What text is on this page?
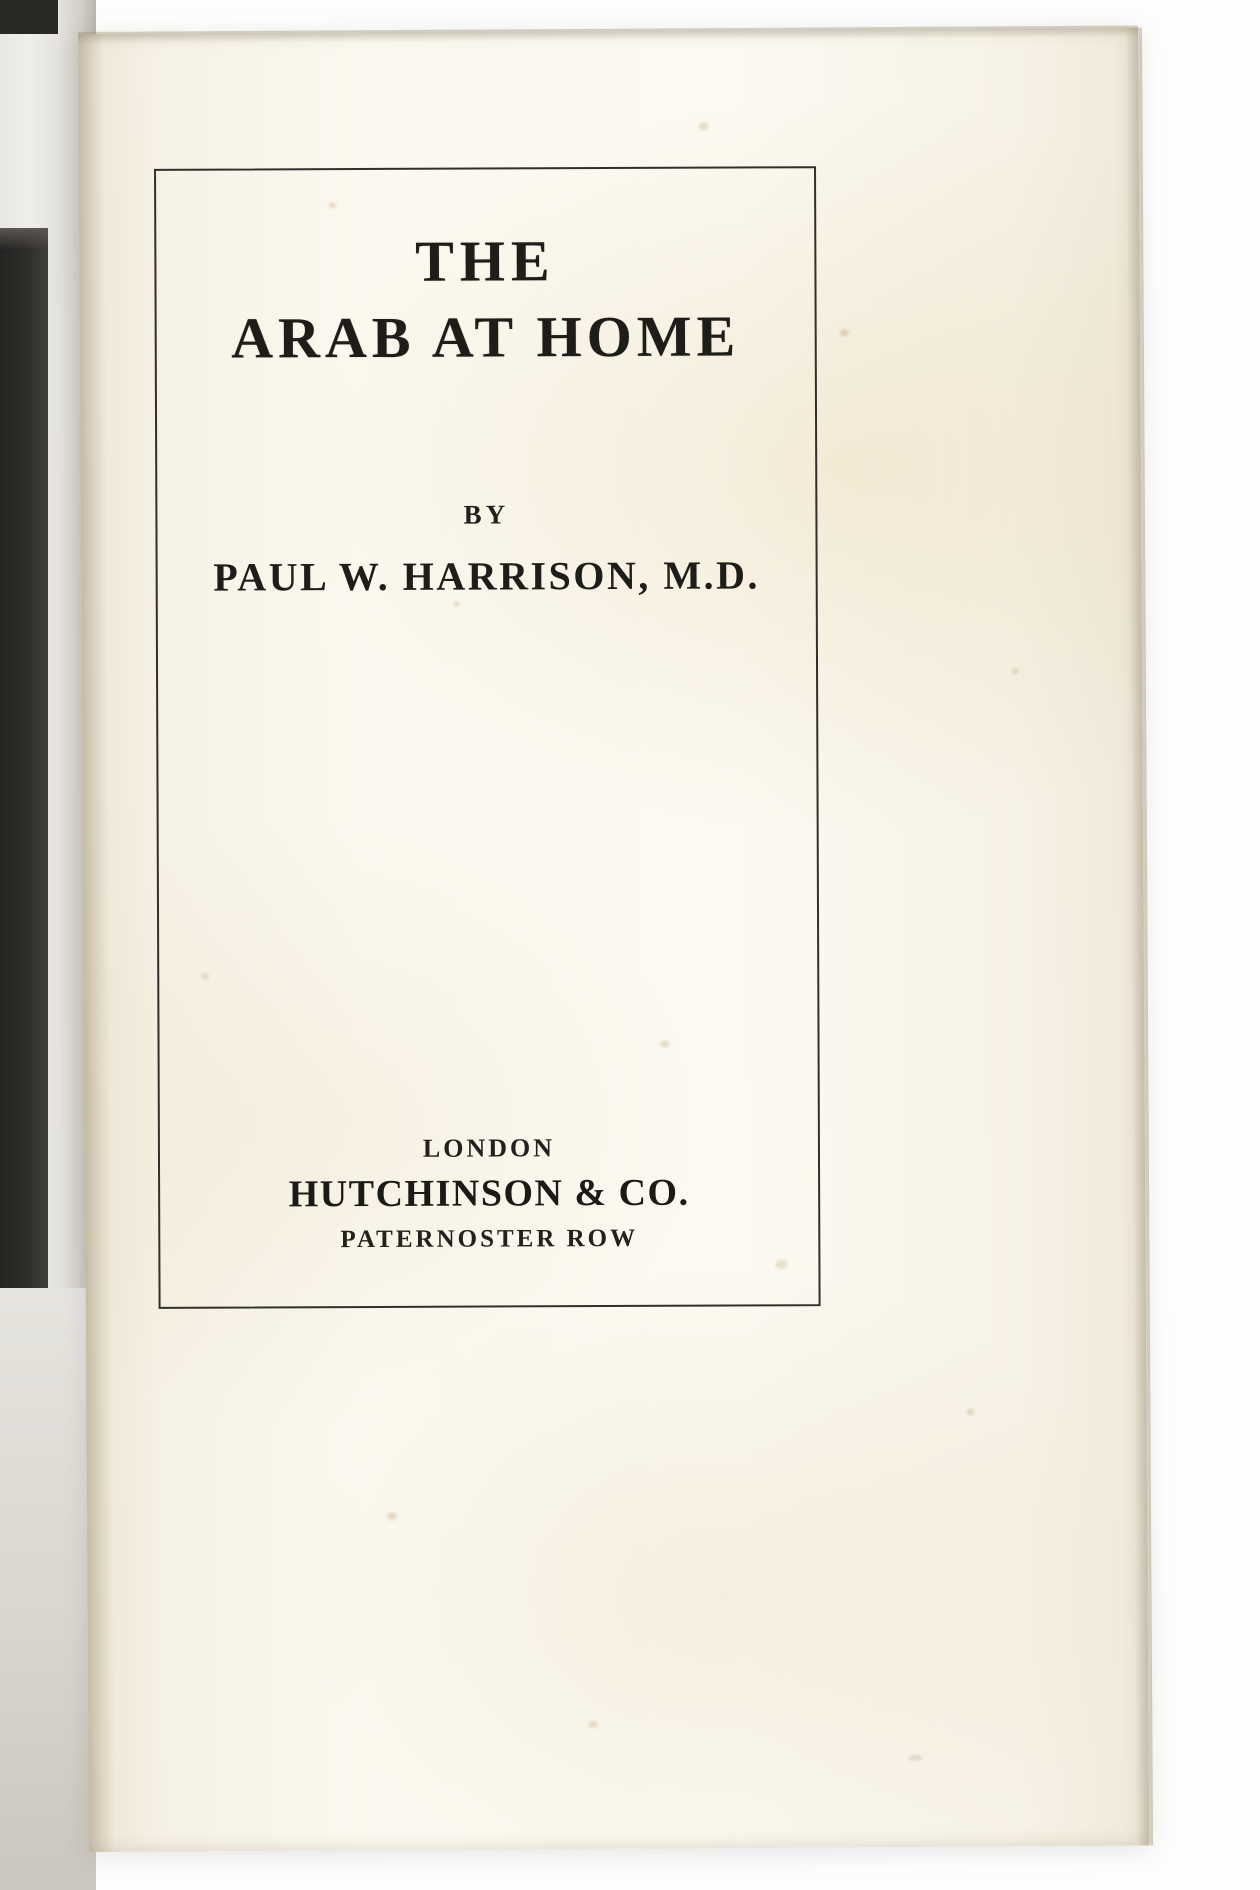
THE
ARAB AT HOME
BY
PAUL W. HARRISON, M.D.
LONDON
HUTCHINSON & CO.
PATERNOSTER ROW
